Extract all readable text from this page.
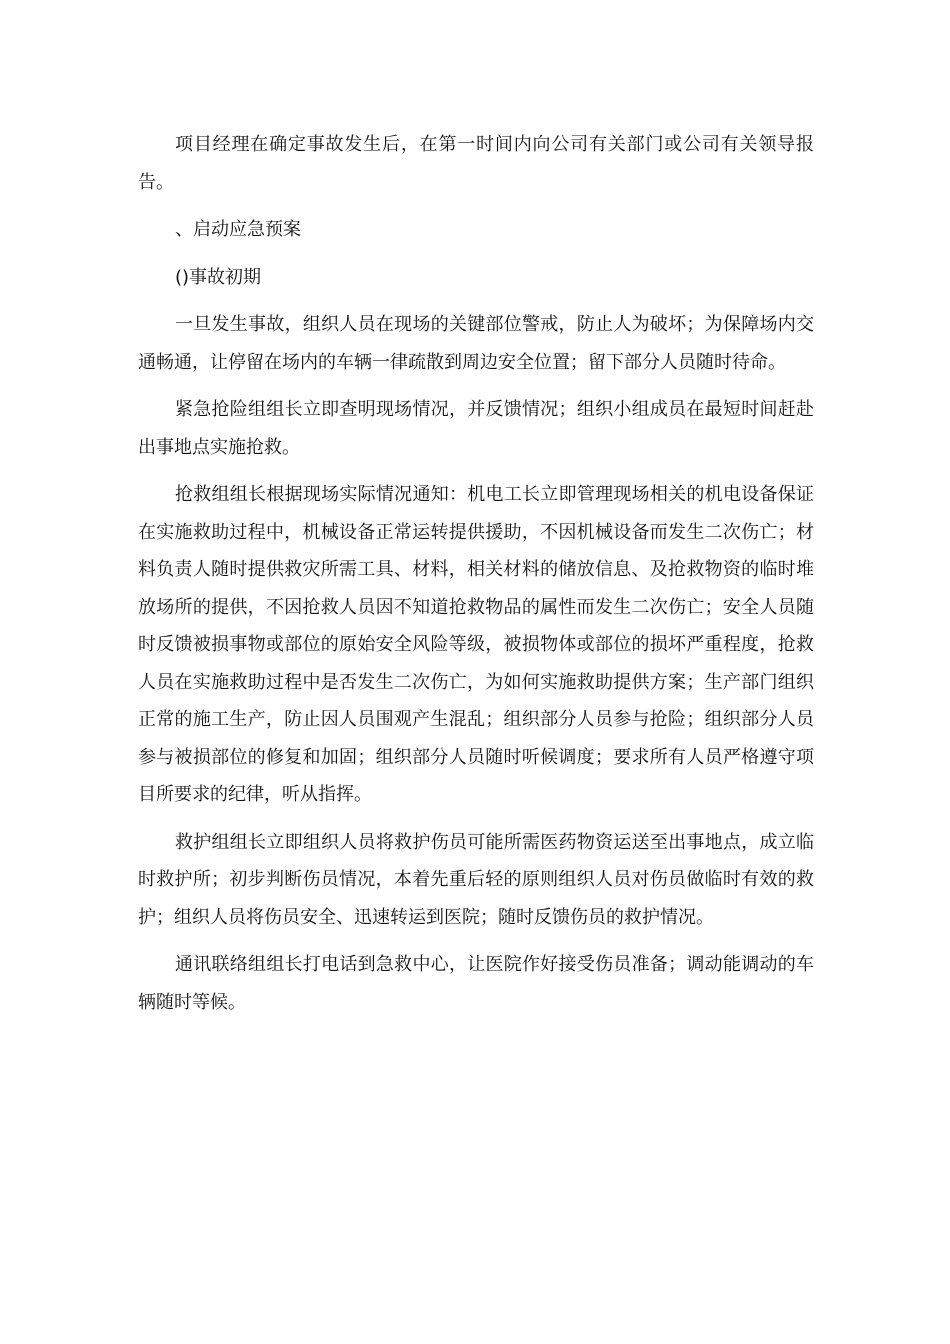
项目经理在确定事故发生后，在第一时间内向公司有关部门或公司有关领导报告。

、启动应急预案

()事故初期

一旦发生事故，组织人员在现场的关键部位警戒，防止人为破坏；为保障场内交通畅通，让停留在场内的车辆一律疏散到周边安全位置；留下部分人员随时待命。

紧急抢险组组长立即查明现场情况，并反馈情况；组织小组成员在最短时间赶赴出事地点实施抢救。

抢救组组长根据现场实际情况通知：机电工长立即管理现场相关的机电设备保证在实施救助过程中，机械设备正常运转提供援助，不因机械设备而发生二次伤亡；材料负责人随时提供救灾所需工具、材料，相关材料的储放信息、及抢救物资的临时堆放场所的提供，不因抢救人员因不知道抢救物品的属性而发生二次伤亡；安全人员随时反馈被损事物或部位的原始安全风险等级，被损物体或部位的损坏严重程度，抢救人员在实施救助过程中是否发生二次伤亡，为如何实施救助提供方案；生产部门组织正常的施工生产，防止因人员围观产生混乱；组织部分人员参与抢险；组织部分人员参与被损部位的修复和加固；组织部分人员随时听候调度；要求所有人员严格遵守项目所要求的纪律，听从指挥。

救护组组长立即组织人员将救护伤员可能所需医药物资运送至出事地点，成立临时救护所；初步判断伤员情况，本着先重后轻的原则组织人员对伤员做临时有效的救护；组织人员将伤员安全、迅速转运到医院；随时反馈伤员的救护情况。

通讯联络组组长打电话到急救中心，让医院作好接受伤员准备；调动能调动的车辆随时等候。
